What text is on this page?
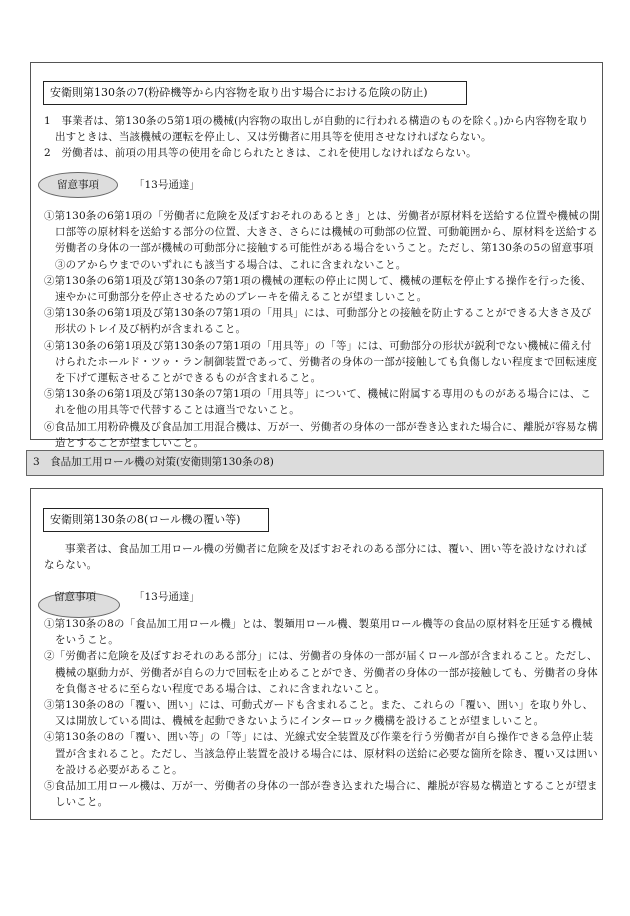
安衛則第130条の7(粉砕機等から内容物を取り出す場合における危険の防止)

1　事業者は、第130条の5第1項の機械(内容物の取出しが自動的に行われる構造のものを除く。)から内容物を取り出すときは、当該機械の運転を停止し、又は労働者に用具等を使用させなければならない。

2　労働者は、前項の用具等の使用を命じられたときは、これを使用しなければならない。

留意事項	「13号通達」

①第130条の6第1項の「労働者に危険を及ぼすおそれのあるとき」とは、労働者が原材料を送給する位置や機械の開口部等の原材料を送給する部分の位置、大きさ、さらには機械の可動部の位置、可動範囲から、原材料を送給する労働者の身体の一部が機械の可動部分に接触する可能性がある場合をいうこと。ただし、第130条の5の留意事項③のアからウまでのいずれにも該当する場合は、これに含まれないこと。

②第130条の6第1項及び第130条の7第1項の機械の運転の停止に関して、機械の運転を停止する操作を行った後、速やかに可動部分を停止させるためのブレーキを備えることが望ましいこと。

③第130条の6第1項及び第130条の7第1項の「用具」には、可動部分との接触を防止することができる大きさ及び形状のトレイ及び柄杓が含まれること。

④第130条の6第1項及び第130条の7第1項の「用具等」の「等」には、可動部分の形状が鋭利でない機械に備え付けられたホールド・ツゥ・ラン制御装置であって、労働者の身体の一部が接触しても負傷しない程度まで回転速度を下げて運転させることができるものが含まれること。

⑤第130条の6第1項及び第130条の7第1項の「用具等」について、機械に附属する専用のものがある場合には、これを他の用具等で代替することは適当でないこと。

⑥食品加工用粉砕機及び食品加工用混合機は、万が一、労働者の身体の一部が巻き込まれた場合に、離脱が容易な構造とすることが望ましいこと。

3　食品加工用ロール機の対策(安衛則第130条の8)
安衛則第130条の8(ロール機の覆い等)

事業者は、食品加工用ロール機の労働者に危険を及ぼすおそれのある部分には、覆い、囲い等を設けなければならない。

留意事項	「13号通達」

①第130条の8の「食品加工用ロール機」とは、製麺用ロール機、製菓用ロール機等の食品の原材料を圧延する機械をいうこと。

②「労働者に危険を及ぼすおそれのある部分」には、労働者の身体の一部が届くロール部が含まれること。ただし、機械の駆動力が、労働者が自らの力で回転を止めることができ、労働者の身体の一部が接触しても、労働者の身体を負傷させるに至らない程度である場合は、これに含まれないこと。

③第130条の8の「覆い、囲い」には、可動式ガードも含まれること。また、これらの「覆い、囲い」を取り外し、又は開放している間は、機械を起動できないようにインターロック機構を設けることが望ましいこと。

④第130条の8の「覆い、囲い等」の「等」には、光線式安全装置及び作業を行う労働者が自ら操作できる急停止装置が含まれること。ただし、当該急停止装置を設ける場合には、原材料の送給に必要な箇所を除き、覆い又は囲いを設ける必要があること。

⑤食品加工用ロール機は、万が一、労働者の身体の一部が巻き込まれた場合に、離脱が容易な構造とすることが望ましいこと。
